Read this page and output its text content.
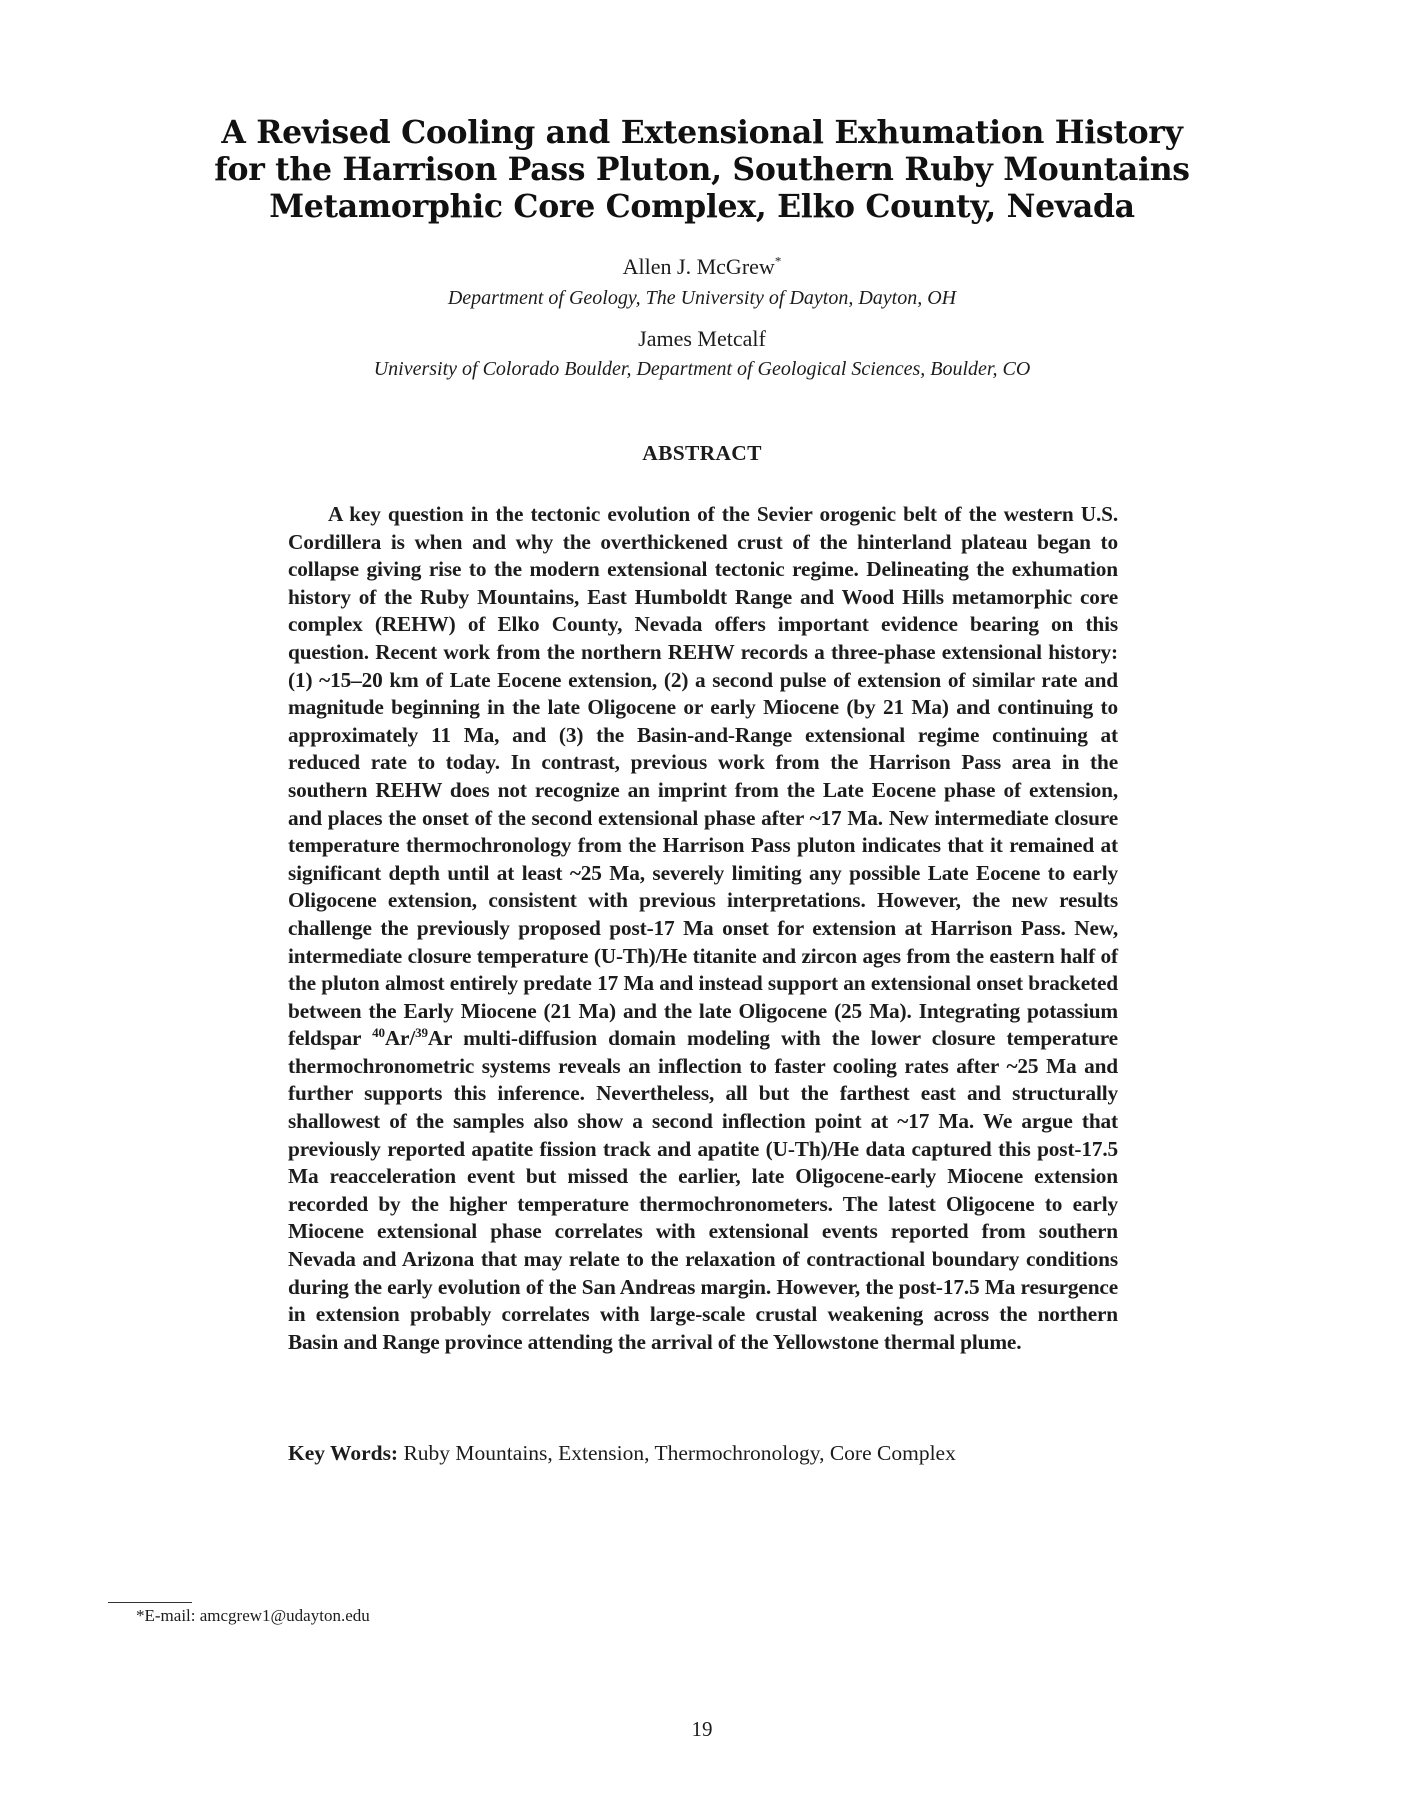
A Revised Cooling and Extensional Exhumation History
for the Harrison Pass Pluton, Southern Ruby Mountains
Metamorphic Core Complex, Elko County, Nevada
Allen J. McGrew*
Department of Geology, The University of Dayton, Dayton, OH
James Metcalf
University of Colorado Boulder, Department of Geological Sciences, Boulder, CO
ABSTRACT

A key question in the tectonic evolution of the Sevier orogenic belt of the western U.S. Cordillera is when and why the overthickened crust of the hinterland plateau began to collapse giving rise to the modern extensional tectonic regime. Delineating the exhumation history of the Ruby Mountains, East Humboldt Range and Wood Hills metamorphic core complex (REHW) of Elko County, Nevada offers important evidence bearing on this question. Recent work from the northern REHW records a three-phase extensional history: (1) ~15–20 km of Late Eocene extension, (2) a second pulse of extension of similar rate and magnitude beginning in the late Oligocene or early Miocene (by 21 Ma) and continuing to approximately 11 Ma, and (3) the Basin-and-Range extensional regime continuing at reduced rate to today. In contrast, previous work from the Harrison Pass area in the southern REHW does not recognize an imprint from the Late Eocene phase of extension, and places the onset of the second extensional phase after ~17 Ma. New intermediate closure temperature thermochronology from the Harrison Pass pluton indicates that it remained at significant depth until at least ~25 Ma, severely limiting any possible Late Eocene to early Oligocene extension, consistent with previous interpretations. However, the new results challenge the previously proposed post-17 Ma onset for extension at Harrison Pass. New, intermediate closure temperature (U-Th)/He titanite and zircon ages from the eastern half of the pluton almost entirely predate 17 Ma and instead support an extensional onset bracketed between the Early Miocene (21 Ma) and the late Oligocene (25 Ma). Integrating potassium feldspar $^{40}$Ar/$^{39}$Ar multi-diffusion domain modeling with the lower closure temperature thermochronometric systems reveals an inflection to faster cooling rates after ~25 Ma and further supports this inference. Nevertheless, all but the farthest east and structurally shallowest of the samples also show a second inflection point at ~17 Ma. We argue that previously reported apatite fission track and apatite (U-Th)/He data captured this post-17.5 Ma reacceleration event but missed the earlier, late Oligocene-early Miocene extension recorded by the higher temperature thermochronometers. The latest Oligocene to early Miocene extensional phase correlates with extensional events reported from southern Nevada and Arizona that may relate to the relaxation of contractional boundary conditions during the early evolution of the San Andreas margin. However, the post-17.5 Ma resurgence in extension probably correlates with large-scale crustal weakening across the northern Basin and Range province attending the arrival of the Yellowstone thermal plume.

Key Words: Ruby Mountains, Extension, Thermochronology, Core Complex
*E-mail: amcgrew1@udayton.edu
19
